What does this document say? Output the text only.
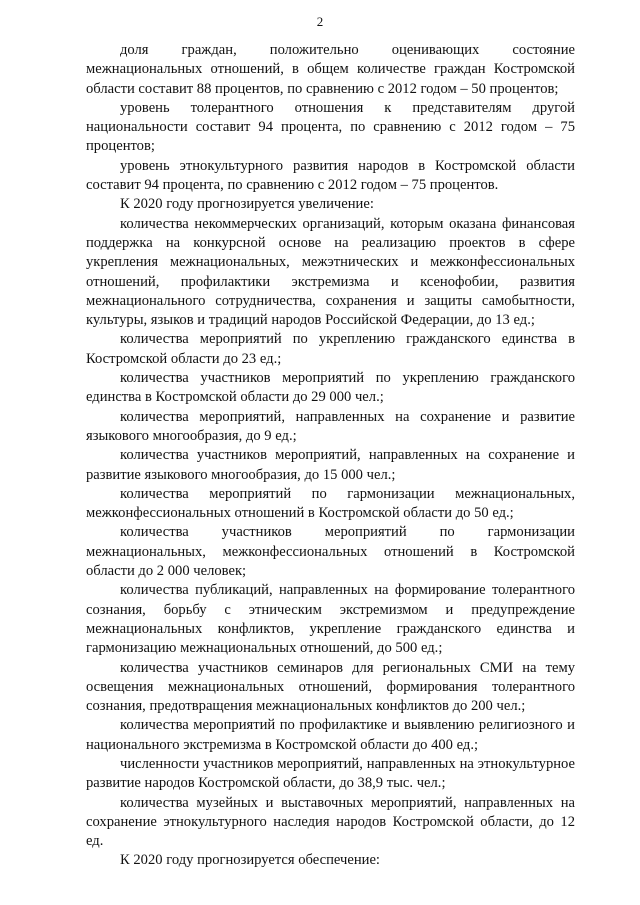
2

доля граждан, положительно оценивающих состояние межнациональных отношений, в общем количестве граждан Костромской области составит 88 процентов, по сравнению с 2012 годом – 50 процентов;

уровень толерантного отношения к представителям другой национальности составит 94 процента, по сравнению с 2012 годом – 75 процентов;

уровень этнокультурного развития народов в Костромской области составит 94 процента, по сравнению с 2012 годом – 75 процентов.

К 2020 году прогнозируется увеличение:

количества некоммерческих организаций, которым оказана финансовая поддержка на конкурсной основе на реализацию проектов в сфере укрепления межнациональных, межэтнических и межконфессиональных отношений, профилактики экстремизма и ксенофобии, развития межнационального сотрудничества, сохранения и защиты самобытности, культуры, языков и традиций народов Российской Федерации, до 13 ед.;

количества мероприятий по укреплению гражданского единства в Костромской области до 23 ед.;

количества участников мероприятий по укреплению гражданского единства в Костромской области до 29 000 чел.;

количества мероприятий, направленных на сохранение и развитие языкового многообразия, до 9 ед.;

количества участников мероприятий, направленных на сохранение и развитие языкового многообразия, до 15 000 чел.;

количества мероприятий по гармонизации межнациональных, межконфессиональных отношений в Костромской области до 50 ед.;

количества участников мероприятий по гармонизации межнациональных, межконфессиональных отношений в Костромской области до 2 000 человек;

количества публикаций, направленных на формирование толерантного сознания, борьбу с этническим экстремизмом и предупреждение межнациональных конфликтов, укрепление гражданского единства и гармонизацию межнациональных отношений, до 500 ед.;

количества участников семинаров для региональных СМИ на тему освещения межнациональных отношений, формирования толерантного сознания, предотвращения межнациональных конфликтов до 200 чел.;

количества мероприятий по профилактике и выявлению религиозного и национального экстремизма в Костромской области до 400 ед.;

численности участников мероприятий, направленных на этнокультурное развитие народов Костромской области, до 38,9 тыс. чел.;

количества музейных и выставочных мероприятий, направленных на сохранение этнокультурного наследия народов Костромской области, до 12 ед.

К 2020 году прогнозируется обеспечение:
